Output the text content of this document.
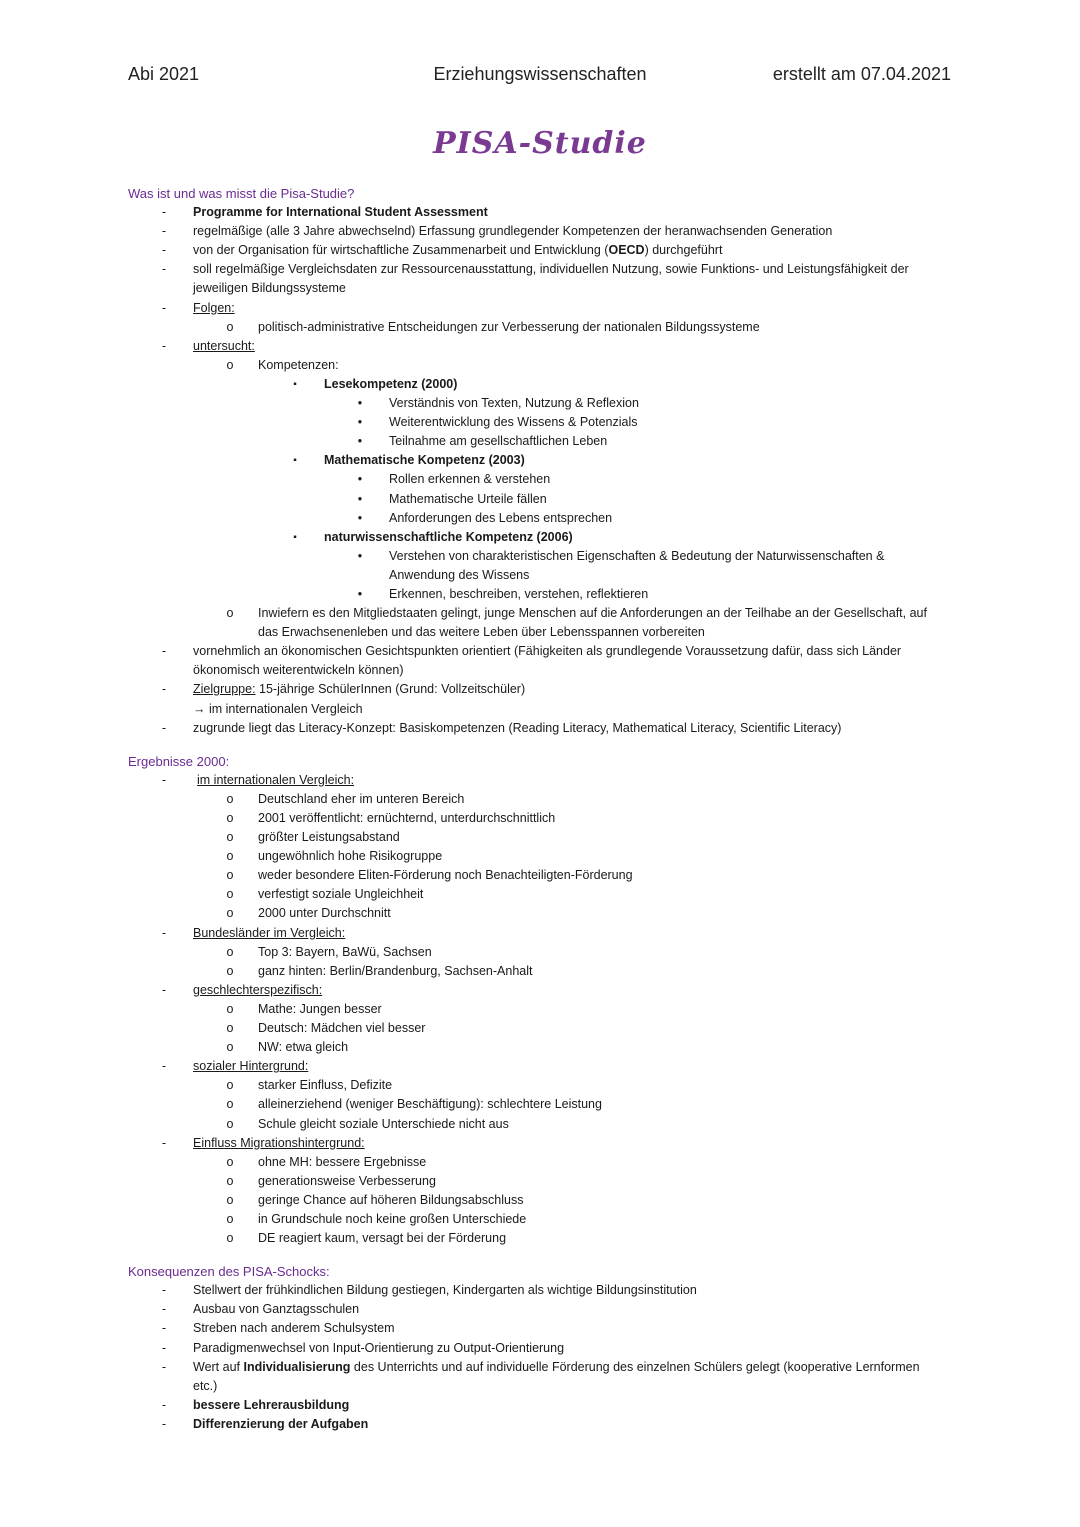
Abi 2021	Erziehungswissenschaften	erstellt am 07.04.2021
PISA-Studie
Was ist und was misst die Pisa-Studie?
-	Programme for International Student Assessment
-	regelmäßige (alle 3 Jahre abwechselnd) Erfassung grundlegender Kompetenzen der heranwachsenden Generation
-	von der Organisation für wirtschaftliche Zusammenarbeit und Entwicklung (OECD) durchgeführt
-	soll regelmäßige Vergleichsdaten zur Ressourcenausstattung, individuellen Nutzung, sowie Funktions- und Leistungsfähigkeit der jeweiligen Bildungssysteme
-	Folgen:
o politisch-administrative Entscheidungen zur Verbesserung der nationalen Bildungssysteme
-	untersucht:
o Kompetenzen:
▪	Lesekompetenz (2000)
•	Verständnis von Texten, Nutzung & Reflexion
•	Weiterentwicklung des Wissens & Potenzials
•	Teilnahme am gesellschaftlichen Leben
▪	Mathematische Kompetenz (2003)
•	Rollen erkennen & verstehen
•	Mathematische Urteile fällen
•	Anforderungen des Lebens entsprechen
▪	naturwissenschaftliche Kompetenz (2006)
•	Verstehen von charakteristischen Eigenschaften & Bedeutung der Naturwissenschaften & Anwendung des Wissens
•	Erkennen, beschreiben, verstehen, reflektieren
o Inwiefern es den Mitgliedstaaten gelingt, junge Menschen auf die Anforderungen an der Teilhabe an der Gesellschaft, auf das Erwachsenenleben und das weitere Leben über Lebensspannen vorbereiten
-	vornehmlich an ökonomischen Gesichtspunkten orientiert (Fähigkeiten als grundlegende Voraussetzung dafür, dass sich Länder ökonomisch weiterentwickeln können)
-	Zielgruppe: 15-jährige SchülerInnen (Grund: Vollzeitschüler)
→ im internationalen Vergleich
-	zugrunde liegt das Literacy-Konzept: Basiskompetenzen (Reading Literacy, Mathematical Literacy, Scientific Literacy)
Ergebnisse 2000:
-	im internationalen Vergleich:
o Deutschland eher im unteren Bereich
o 2001 veröffentlicht: ernüchternd, unterdurchschnittlich
o größter Leistungsabstand
o ungewöhnlich hohe Risikogruppe
o weder besondere Eliten-Förderung noch Benachteiligten-Förderung
o verfestigt soziale Ungleichheit
o 2000 unter Durchschnitt
-	Bundesländer im Vergleich:
o Top 3: Bayern, BaWü, Sachsen
o ganz hinten: Berlin/Brandenburg, Sachsen-Anhalt
-	geschlechterspezifisch:
o Mathe: Jungen besser
o Deutsch: Mädchen viel besser
o NW: etwa gleich
-	sozialer Hintergrund:
o starker Einfluss, Defizite
o alleinerziehend (weniger Beschäftigung): schlechtere Leistung
o Schule gleicht soziale Unterschiede nicht aus
-	Einfluss Migrationshintergrund:
o ohne MH: bessere Ergebnisse
o generationsweise Verbesserung
o geringe Chance auf höheren Bildungsabschluss
o in Grundschule noch keine großen Unterschiede
o DE reagiert kaum, versagt bei der Förderung
Konsequenzen des PISA-Schocks:
-	Stellwert der frühkindlichen Bildung gestiegen, Kindergarten als wichtige Bildungsinstitution
-	Ausbau von Ganztagsschulen
-	Streben nach anderem Schulsystem
-	Paradigmenwechsel von Input-Orientierung zu Output-Orientierung
-	Wert auf Individualisierung des Unterrichts und auf individuelle Förderung des einzelnen Schülers gelegt (kooperative Lernformen etc.)
-	bessere Lehrerausbildung
-	Differenzierung der Aufgaben
